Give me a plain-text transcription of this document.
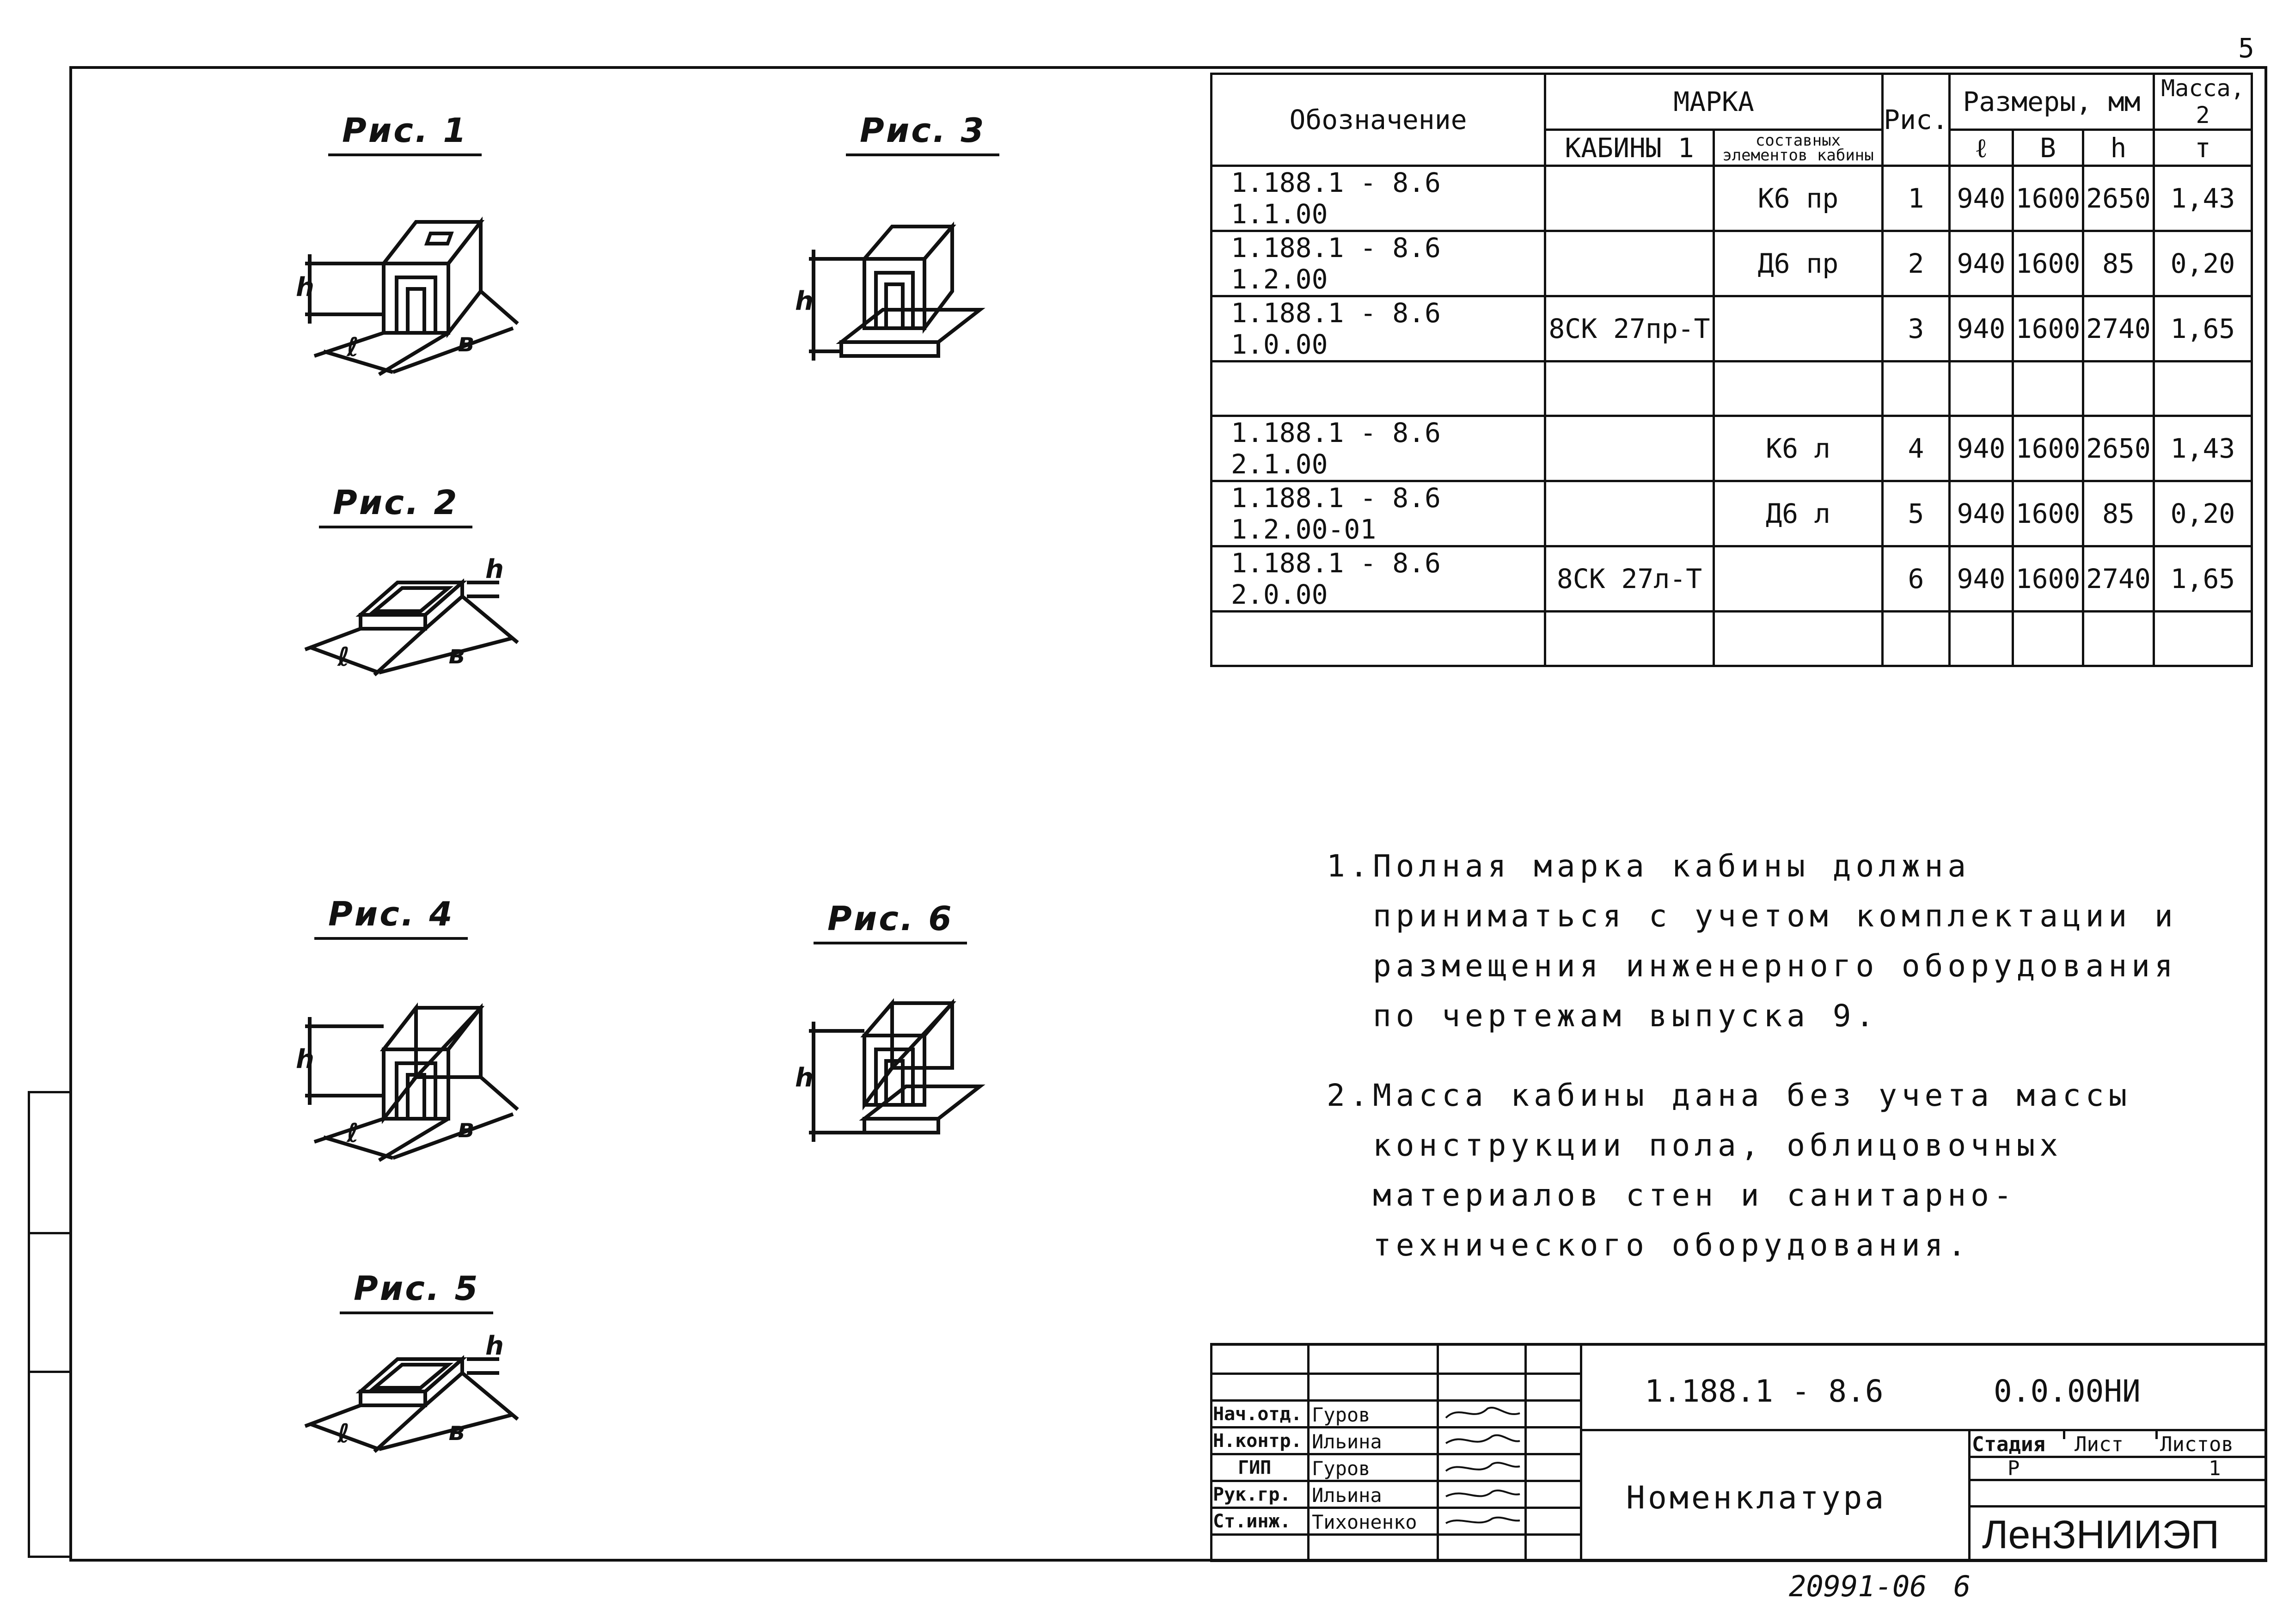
5
Рис. 1
h
ℓ	в
Рис. 2
h
ℓ	в
Рис. 3
h
Рис. 4
h
ℓ	в
Рис. 5
h
ℓ	в
Рис. 6
h
Обозначение	МАРКА		Рис.	Размеры, мм			Масса, 2
	КАБИНЫ 1	составных элементов кабины		ℓ	В	h	т
1.188.1 - 8.6 1.1.00		К6 пр	1	940	1600	2650	1,43
1.188.1 - 8.6 1.2.00		Д6 пр	2	940	1600	85	0,20
1.188.1 - 8.6 1.0.00	8СК 27пр-Т		3	940	1600	2740	1,65

1.188.1 - 8.6 2.1.00		К6 л	4	940	1600	2650	1,43
1.188.1 - 8.6 1.2.00-01		Д6 л	5	940	1600	85	0,20
1.188.1 - 8.6 2.0.00	8СК 27л-Т		6	940	1600	2740	1,65

1. Полная марка кабины должна приниматься с учетом комплектации и размещения инженерного оборудования по чертежам выпуска 9.
2. Масса кабины дана без учета массы конструкции пола, облицовочных материалов стен и санитарно-технического оборудования.
Нач.отд. Гуров
Н.контр. Ильина
ГИП Гуров
Рук.гр. Ильина
Ст.инж. Тихоненко
1.188.1 - 8.6      0.0.00НИ
Номенклатура
Стадия Лист Листов
Р	1
ЛенЗНИИЭП
20991-06 6
